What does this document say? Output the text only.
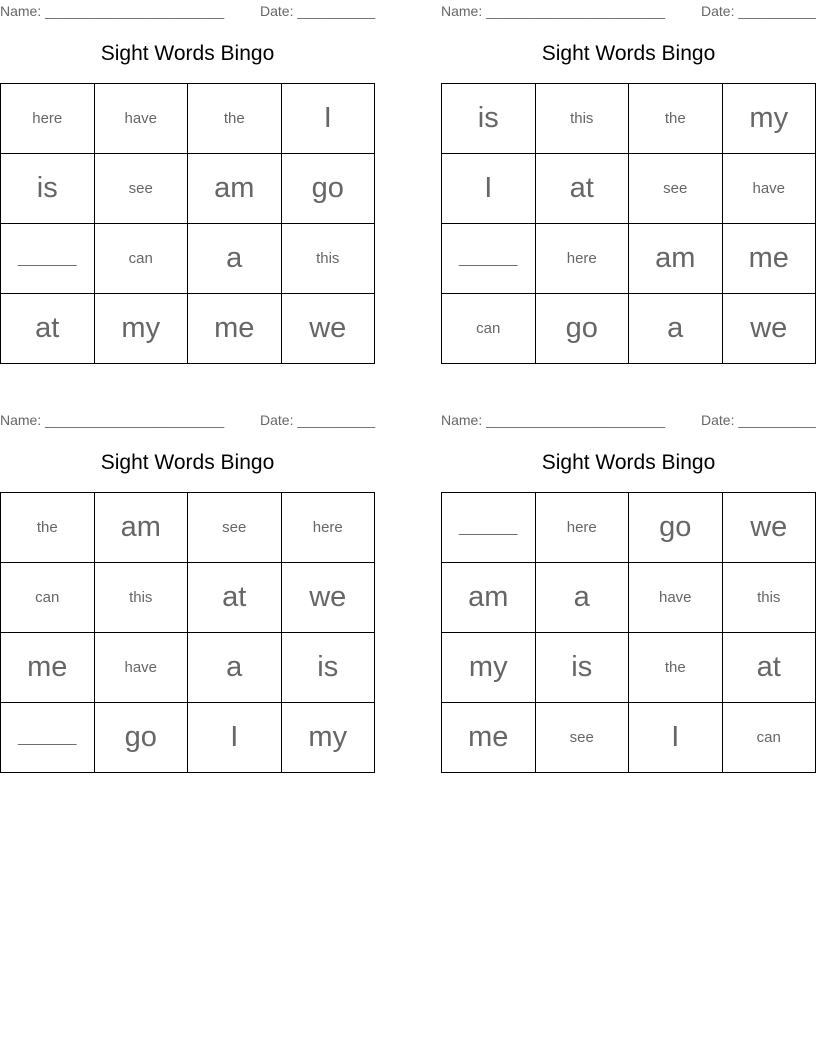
Name: _______________________	Date: __________
Sight Words Bingo
here	have	the	I
is	see	am	go
_______	can	a	this
at	my	me	we
Name: _______________________	Date: __________
Sight Words Bingo
is	this	the	my
I	at	see	have
_______	here	am	me
can	go	a	we
Name: _______________________	Date: __________
Sight Words Bingo
the	am	see	here
can	this	at	we
me	have	a	is
_______	go	I	my
Name: _______________________	Date: __________
Sight Words Bingo
_______	here	go	we
am	a	have	this
my	is	the	at
me	see	I	can
